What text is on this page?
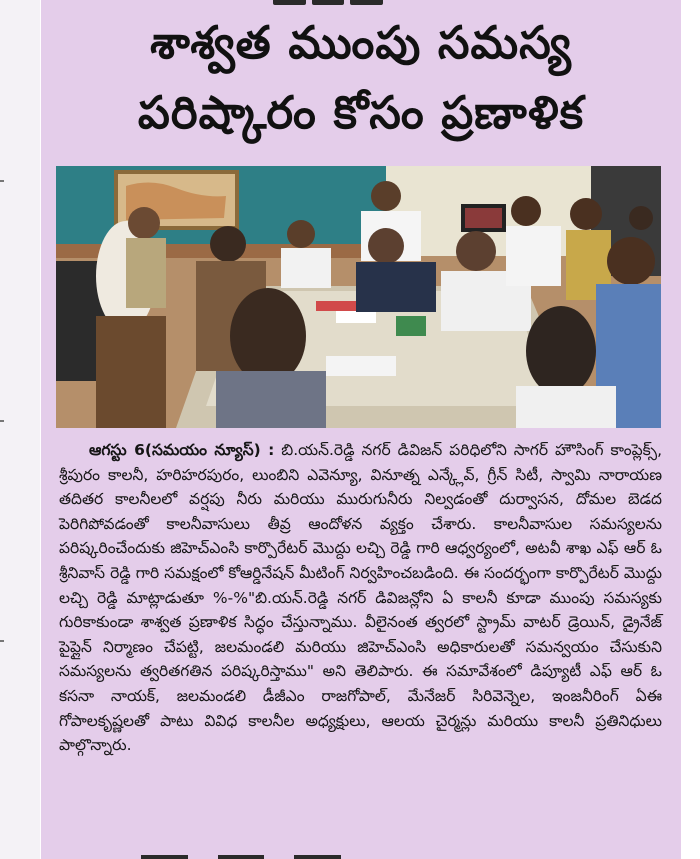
శాశ్వత ముంపు సమస్య
పరిష్కారం కోసం ప్రణాళిక
ఆగస్టు 6(సమయం న్యూస్) : బి.యన్.రెడ్డి నగర్ డివిజన్ పరిధిలోని సాగర్ హౌసింగ్ కాంప్లెక్స్, శ్రీపురం కాలనీ, హరిహరపురం, లుంబిని ఎవెన్యూ, వినూత్న ఎన్క్లేవ్, గ్రీన్ సిటీ, స్వామి నారాయణ తదితర కాలనీలలో వర్షపు నీరు మరియు మురుగునీరు నిల్వడంతో దుర్వాసన, దోమల బెడద పెరిగిపోవడంతో కాలనీవాసులు తీవ్ర ఆందోళన వ్యక్తం చేశారు. కాలనీవాసుల సమస్యలను పరిష్కరించేందుకు జిహెచ్ఎంసి కార్పొరేటర్ మొద్దు లచ్చి రెడ్డి గారి ఆధ్వర్యంలో, అటవీ శాఖ ఎఫ్ ఆర్ ఓ శ్రీనివాస్ రెడ్డి గారి సమక్షంలో కోఆర్డినేషన్ మీటింగ్ నిర్వహించబడింది. ఈ సందర్భంగా కార్పొరేటర్ మొద్దు లచ్చి రెడ్డి మాట్లాడుతూ %-%"బి.యన్.రెడ్డి నగర్ డివిజన్లోని ఏ కాలనీ కూడా ముంపు సమస్యకు గురికాకుండా శాశ్వత ప్రణాళిక సిద్ధం చేస్తున్నాము. వీలైనంత త్వరలో స్ట్రామ్ వాటర్ డ్రెయిన్, డ్రైనేజ్ పైప్లైన్ నిర్మాణం చేపట్టి, జలమండలి మరియు జిహెచ్ఎంసి అధికారులతో సమన్వయం చేసుకుని సమస్యలను త్వరితగతిన పరిష్కరిస్తాము" అని తెలిపారు. ఈ సమావేశంలో డిప్యూటీ ఎఫ్ ఆర్ ఓ కసనా నాయక్, జలమండలి డీజీఎం రాజగోపాల్, మేనేజర్ సిరివెన్నెల, ఇంజనీరింగ్ ఏఈ గోపాలకృష్ణలతో పాటు వివిధ కాలనీల అధ్యక్షులు, ఆలయ చైర్మన్లు మరియు కాలనీ ప్రతినిధులు పాల్గొన్నారు.
